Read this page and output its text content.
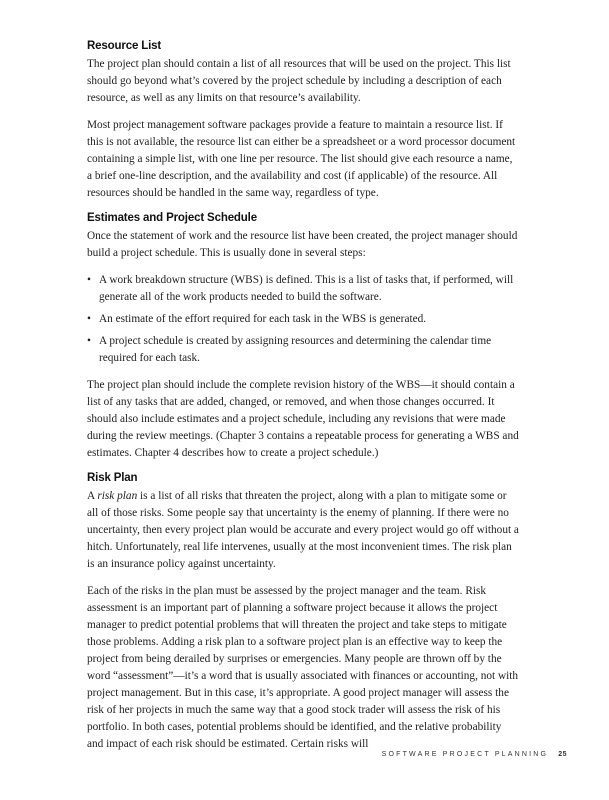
Resource List

The project plan should contain a list of all resources that will be used on the project. This list should go beyond what’s covered by the project schedule by including a description of each resource, as well as any limits on that resource’s availability.

Most project management software packages provide a feature to maintain a resource list. If this is not available, the resource list can either be a spreadsheet or a word processor document containing a simple list, with one line per resource. The list should give each resource a name, a brief one-line description, and the availability and cost (if applicable) of the resource. All resources should be handled in the same way, regardless of type.

Estimates and Project Schedule

Once the statement of work and the resource list have been created, the project manager should build a project schedule. This is usually done in several steps:

• A work breakdown structure (WBS) is defined. This is a list of tasks that, if performed, will generate all of the work products needed to build the software.
• An estimate of the effort required for each task in the WBS is generated.
• A project schedule is created by assigning resources and determining the calendar time required for each task.

The project plan should include the complete revision history of the WBS—it should contain a list of any tasks that are added, changed, or removed, and when those changes occurred. It should also include estimates and a project schedule, including any revisions that were made during the review meetings. (Chapter 3 contains a repeatable process for generating a WBS and estimates. Chapter 4 describes how to create a project schedule.)

Risk Plan

A risk plan is a list of all risks that threaten the project, along with a plan to mitigate some or all of those risks. Some people say that uncertainty is the enemy of planning. If there were no uncertainty, then every project plan would be accurate and every project would go off without a hitch. Unfortunately, real life intervenes, usually at the most inconvenient times. The risk plan is an insurance policy against uncertainty.

Each of the risks in the plan must be assessed by the project manager and the team. Risk assessment is an important part of planning a software project because it allows the project manager to predict potential problems that will threaten the project and take steps to mitigate those problems. Adding a risk plan to a software project plan is an effective way to keep the project from being derailed by surprises or emergencies. Many people are thrown off by the word “assessment”—it’s a word that is usually associated with finances or accounting, not with project management. But in this case, it’s appropriate. A good project manager will assess the risk of her projects in much the same way that a good stock trader will assess the risk of his portfolio. In both cases, potential problems should be identified, and the relative probability and impact of each risk should be estimated. Certain risks will

SOFTWARE PROJECT PLANNING 25
